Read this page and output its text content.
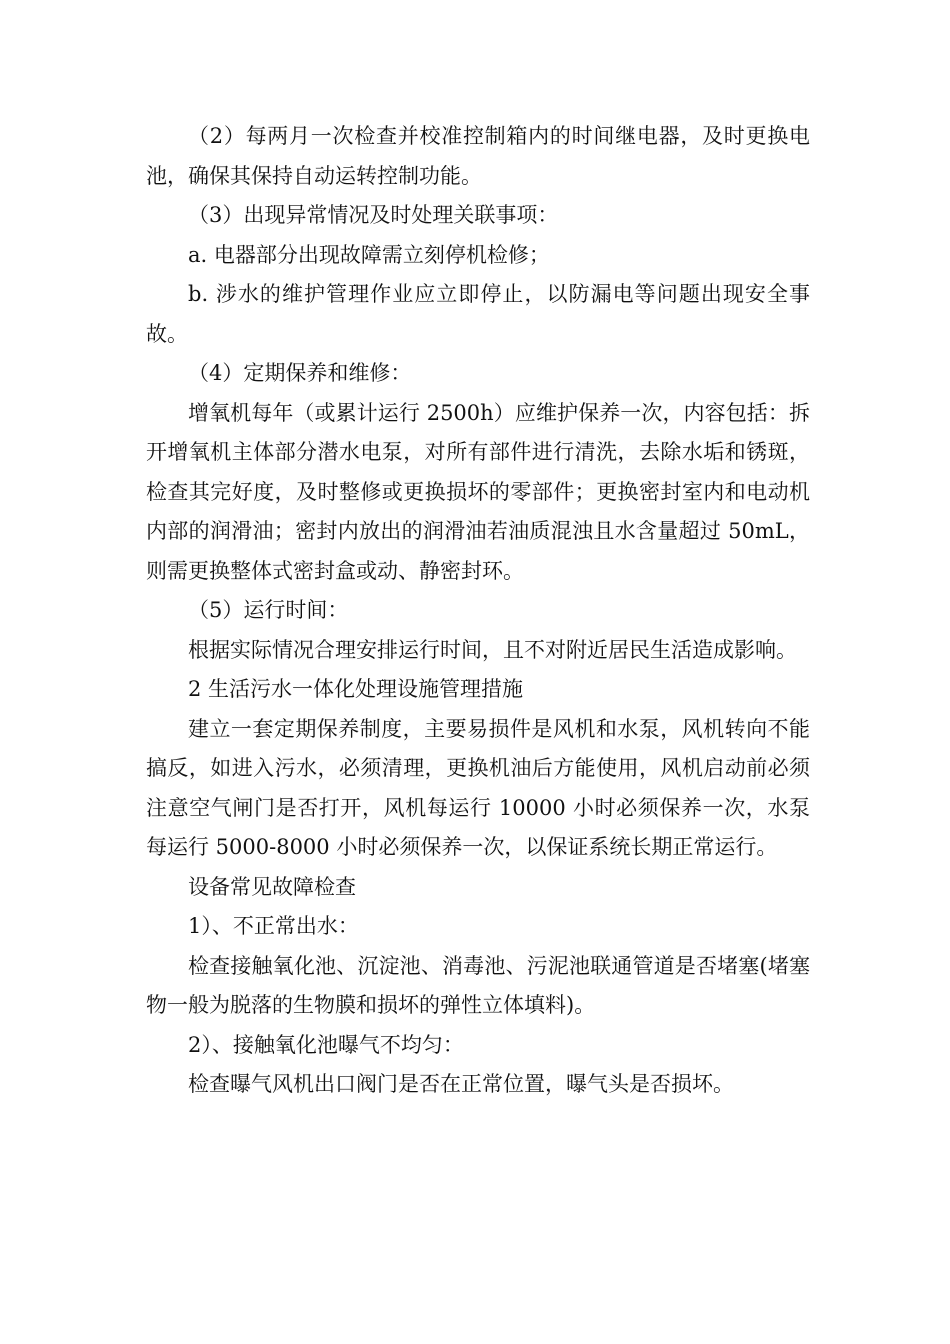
（2）每两月一次检查并校准控制箱内的时间继电器，及时更换电池，确保其保持自动运转控制功能。

（3）出现异常情况及时处理关联事项：

a. 电器部分出现故障需立刻停机检修；

b. 涉水的维护管理作业应立即停止，以防漏电等问题出现安全事故。

（4）定期保养和维修：

增氧机每年（或累计运行 2500h）应维护保养一次，内容包括：拆开增氧机主体部分潜水电泵，对所有部件进行清洗，去除水垢和锈斑，检查其完好度，及时整修或更换损坏的零部件；更换密封室内和电动机内部的润滑油；密封内放出的润滑油若油质混浊且水含量超过 50mL，则需更换整体式密封盒或动、静密封环。

（5）运行时间：

根据实际情况合理安排运行时间，且不对附近居民生活造成影响。

2 生活污水一体化处理设施管理措施

建立一套定期保养制度，主要易损件是风机和水泵，风机转向不能搞反，如进入污水，必须清理，更换机油后方能使用，风机启动前必须注意空气闸门是否打开，风机每运行 10000 小时必须保养一次，水泵每运行 5000-8000 小时必须保养一次，以保证系统长期正常运行。

设备常见故障检查

1）、不正常出水：

检查接触氧化池、沉淀池、消毒池、污泥池联通管道是否堵塞(堵塞物一般为脱落的生物膜和损坏的弹性立体填料)。

2）、接触氧化池曝气不均匀：

检查曝气风机出口阀门是否在正常位置，曝气头是否损坏。
